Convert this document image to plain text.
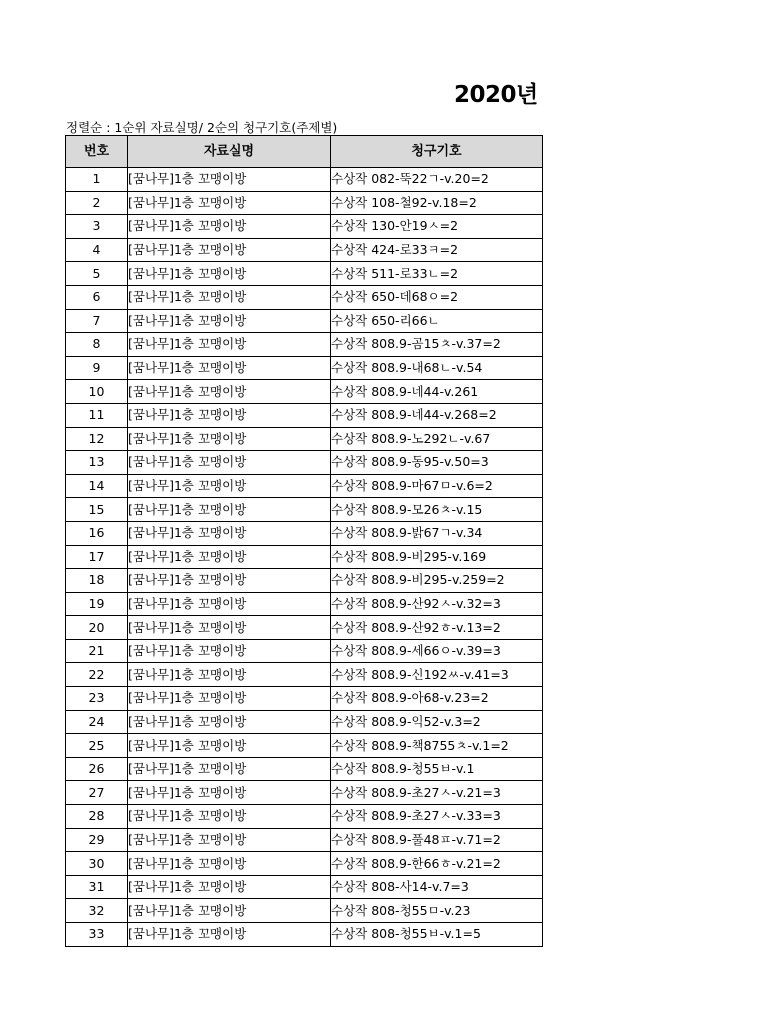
2020년
정렬순 : 1순위 자료실명/ 2순의 청구기호(주제별)
번호	자료실명	청구기호
1	[꿈나무]1층 꼬맹이방	수상작 082-뚝22ㄱ-v.20=2
2	[꿈나무]1층 꼬맹이방	수상작 108-철92-v.18=2
3	[꿈나무]1층 꼬맹이방	수상작 130-안19ㅅ=2
4	[꿈나무]1층 꼬맹이방	수상작 424-로33ㅋ=2
5	[꿈나무]1층 꼬맹이방	수상작 511-로33ㄴ=2
6	[꿈나무]1층 꼬맹이방	수상작 650-데68ㅇ=2
7	[꿈나무]1층 꼬맹이방	수상작 650-리66ㄴ
8	[꿈나무]1층 꼬맹이방	수상작 808.9-곰15ㅊ-v.37=2
9	[꿈나무]1층 꼬맹이방	수상작 808.9-내68ㄴ-v.54
10	[꿈나무]1층 꼬맹이방	수상작 808.9-네44-v.261
11	[꿈나무]1층 꼬맹이방	수상작 808.9-네44-v.268=2
12	[꿈나무]1층 꼬맹이방	수상작 808.9-노292ㄴ-v.67
13	[꿈나무]1층 꼬맹이방	수상작 808.9-동95-v.50=3
14	[꿈나무]1층 꼬맹이방	수상작 808.9-마67ㅁ-v.6=2
15	[꿈나무]1층 꼬맹이방	수상작 808.9-모26ㅊ-v.15
16	[꿈나무]1층 꼬맹이방	수상작 808.9-밝67ㄱ-v.34
17	[꿈나무]1층 꼬맹이방	수상작 808.9-비295-v.169
18	[꿈나무]1층 꼬맹이방	수상작 808.9-비295-v.259=2
19	[꿈나무]1층 꼬맹이방	수상작 808.9-산92ㅅ-v.32=3
20	[꿈나무]1층 꼬맹이방	수상작 808.9-산92ㅎ-v.13=2
21	[꿈나무]1층 꼬맹이방	수상작 808.9-세66ㅇ-v.39=3
22	[꿈나무]1층 꼬맹이방	수상작 808.9-신192ㅆ-v.41=3
23	[꿈나무]1층 꼬맹이방	수상작 808.9-아68-v.23=2
24	[꿈나무]1층 꼬맹이방	수상작 808.9-익52-v.3=2
25	[꿈나무]1층 꼬맹이방	수상작 808.9-책8755ㅊ-v.1=2
26	[꿈나무]1층 꼬맹이방	수상작 808.9-청55ㅂ-v.1
27	[꿈나무]1층 꼬맹이방	수상작 808.9-초27ㅅ-v.21=3
28	[꿈나무]1층 꼬맹이방	수상작 808.9-초27ㅅ-v.33=3
29	[꿈나무]1층 꼬맹이방	수상작 808.9-풀48ㅍ-v.71=2
30	[꿈나무]1층 꼬맹이방	수상작 808.9-한66ㅎ-v.21=2
31	[꿈나무]1층 꼬맹이방	수상작 808-사14-v.7=3
32	[꿈나무]1층 꼬맹이방	수상작 808-청55ㅁ-v.23
33	[꿈나무]1층 꼬맹이방	수상작 808-청55ㅂ-v.1=5
